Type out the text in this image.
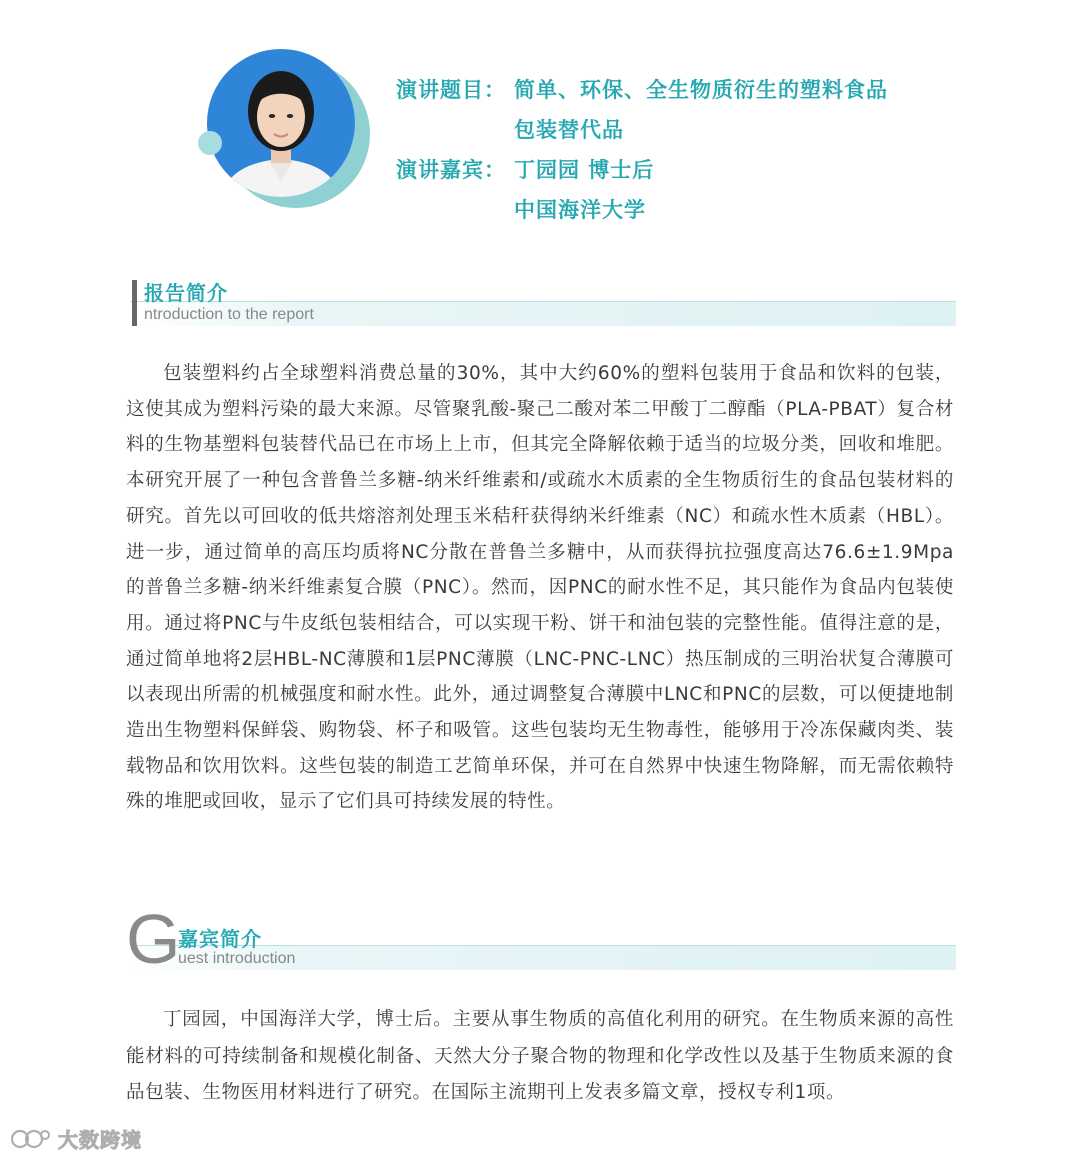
演讲题目： 简单、环保、全生物质衍生的塑料食品
包装替代品
演讲嘉宾： 丁园园 博士后
中国海洋大学
报告简介
ntroduction to the report

包装塑料约占全球塑料消费总量的30%，其中大约60%的塑料包装用于食品和饮料的包装，这使其成为塑料污染的最大来源。尽管聚乳酸-聚己二酸对苯二甲酸丁二醇酯（PLA-PBAT）复合材料的生物基塑料包装替代品已在市场上上市，但其完全降解依赖于适当的垃圾分类，回收和堆肥。本研究开展了一种包含普鲁兰多糖-纳米纤维素和/或疏水木质素的全生物质衍生的食品包装材料的研究。首先以可回收的低共熔溶剂处理玉米秸秆获得纳米纤维素（NC）和疏水性木质素（HBL）。进一步，通过简单的高压均质将NC分散在普鲁兰多糖中，从而获得抗拉强度高达76.6±1.9Mpa的普鲁兰多糖-纳米纤维素复合膜（PNC）。然而，因PNC的耐水性不足，其只能作为食品内包装使用。通过将PNC与牛皮纸包装相结合，可以实现干粉、饼干和油包装的完整性能。值得注意的是，通过简单地将2层HBL-NC薄膜和1层PNC薄膜（LNC-PNC-LNC）热压制成的三明治状复合薄膜可以表现出所需的机械强度和耐水性。此外，通过调整复合薄膜中LNC和PNC的层数，可以便捷地制造出生物塑料保鲜袋、购物袋、杯子和吸管。这些包装均无生物毒性，能够用于冷冻保藏肉类、装载物品和饮用饮料。这些包装的制造工艺简单环保，并可在自然界中快速生物降解，而无需依赖特殊的堆肥或回收，显示了它们具可持续发展的特性。

G
嘉宾简介
uest introduction

丁园园，中国海洋大学，博士后。主要从事生物质的高值化利用的研究。在生物质来源的高性能材料的可持续制备和规模化制备、天然大分子聚合物的物理和化学改性以及基于生物质来源的食品包装、生物医用材料进行了研究。在国际主流期刊上发表多篇文章，授权专利1项。

大数跨境
